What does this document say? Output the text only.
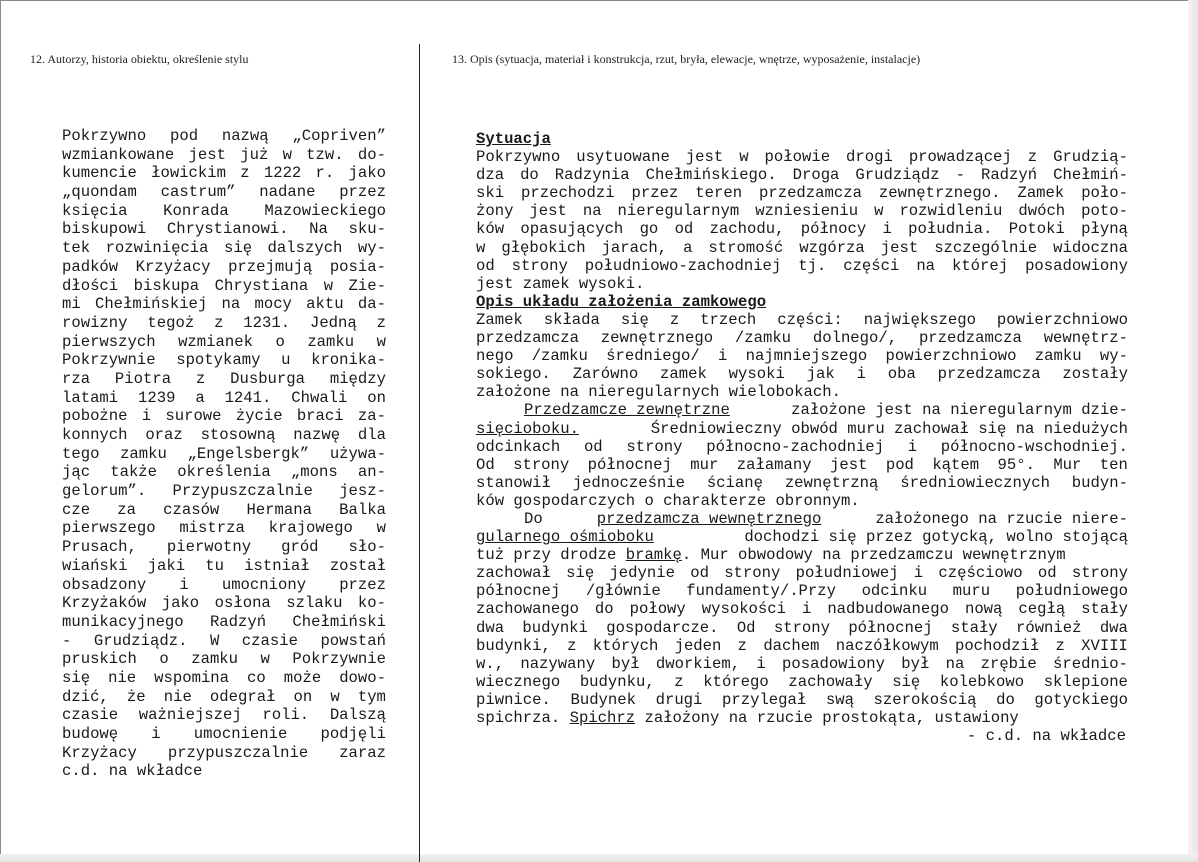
12. Autorzy, historia obiektu, określenie stylu	13. Opis (sytuacja, materiał i konstrukcja, rzut, bryła, elewacje, wnętrze, wyposażenie, instalacje)
Pokrzywno pod nazwą „Copriven”
wzmiankowane jest już w tzw. do-
kumencie łowickim z 1222 r. jako
„quondam castrum” nadane przez
księcia Konrada Mazowieckiego
biskupowi Chrystianowi. Na sku-
tek rozwinięcia się dalszych wy-
padków Krzyżacy przejmują posia-
dłości biskupa Chrystiana w Zie-
mi Chełmińskiej na mocy aktu da-
rowizny tegoż z 1231. Jedną z
pierwszych wzmianek o zamku w
Pokrzywnie spotykamy u kronika-
rza Piotra z Dusburga między
latami 1239 a 1241. Chwali on
pobożne i surowe życie braci za-
konnych oraz stosowną nazwę dla
tego zamku „Engelsbergk” używa-
jąc także określenia „mons an-
gelorum”. Przypuszczalnie jesz-
cze za czasów Hermana Balka
pierwszego mistrza krajowego w
Prusach, pierwotny gród sło-
wiański jaki tu istniał został
obsadzony i umocniony przez
Krzyżaków jako osłona szlaku ko-
munikacyjnego Radzyń Chełmiński
- Grudziądz. W czasie powstań
pruskich o zamku w Pokrzywnie
się nie wspomina co może dowo-
dzić, że nie odegrał on w tym
czasie ważniejszej roli. Dalszą
budowę i umocnienie podjęli
Krzyżacy przypuszczalnie zaraz
c.d. na wkładce
Sytuacja
Pokrzywno usytuowane jest w połowie drogi prowadzącej z Grudzią-
dza do Radzynia Chełmińskiego. Droga Grudziądz - Radzyń Chełmiń-
ski przechodzi przez teren przedzamcza zewnętrznego. Zamek poło-
żony jest na nieregularnym wzniesieniu w rozwidleniu dwóch poto-
ków opasujących go od zachodu, północy i południa. Potoki płyną
w głębokich jarach, a stromość wzgórza jest szczególnie widoczna
od strony południowo-zachodniej tj. części na której posadowiony
jest zamek wysoki.
Opis układu założenia zamkowego
Zamek składa się z trzech części: największego powierzchniowo
przedzamcza zewnętrznego /zamku dolnego/, przedzamcza wewnętrz-
nego /zamku średniego/ i najmniejszego powierzchniowo zamku wy-
sokiego. Zarówno zamek wysoki jak i oba przedzamcza zostały
założone na nieregularnych wielobokach.
Przedzamcze zewnętrzne	założone jest na nieregularnym dzie-
sięcioboku.	Średniowieczny obwód muru zachował się na niedużych
odcinkach od strony północno-zachodniej i północno-wschodniej.
Od strony północnej mur załamany jest pod kątem 95°. Mur ten
stanowił jednocześnie ścianę zewnętrzną średniowiecznych budyn-
ków gospodarczych o charakterze obronnym.
Do	przedzamcza wewnętrznego	założonego na rzucie niere-
gularnego ośmioboku	dochodzi się przez gotycką, wolno stojącą
tuż przy drodze
bramkę . Mur obwodowy na przedzamczu wewnętrznym
zachował się jedynie od strony południowej i częściowo od strony
północnej /głównie fundamenty/.Przy odcinku muru południowego
zachowanego do połowy wysokości i nadbudowanego nową cegłą stały
dwa budynki gospodarcze. Od strony północnej stały również dwa
budynki, z których jeden z dachem naczółkowym pochodził z XVIII
w., nazywany był dworkiem, i posadowiony był na zrębie średnio-
wiecznego budynku, z którego zachowały się kolebkowo sklepione
piwnice. Budynek drugi przylegał swą szerokością do gotyckiego
spichrza.
Spichrz
założony na rzucie prostokąta, ustawiony
- c.d. na wkładce
